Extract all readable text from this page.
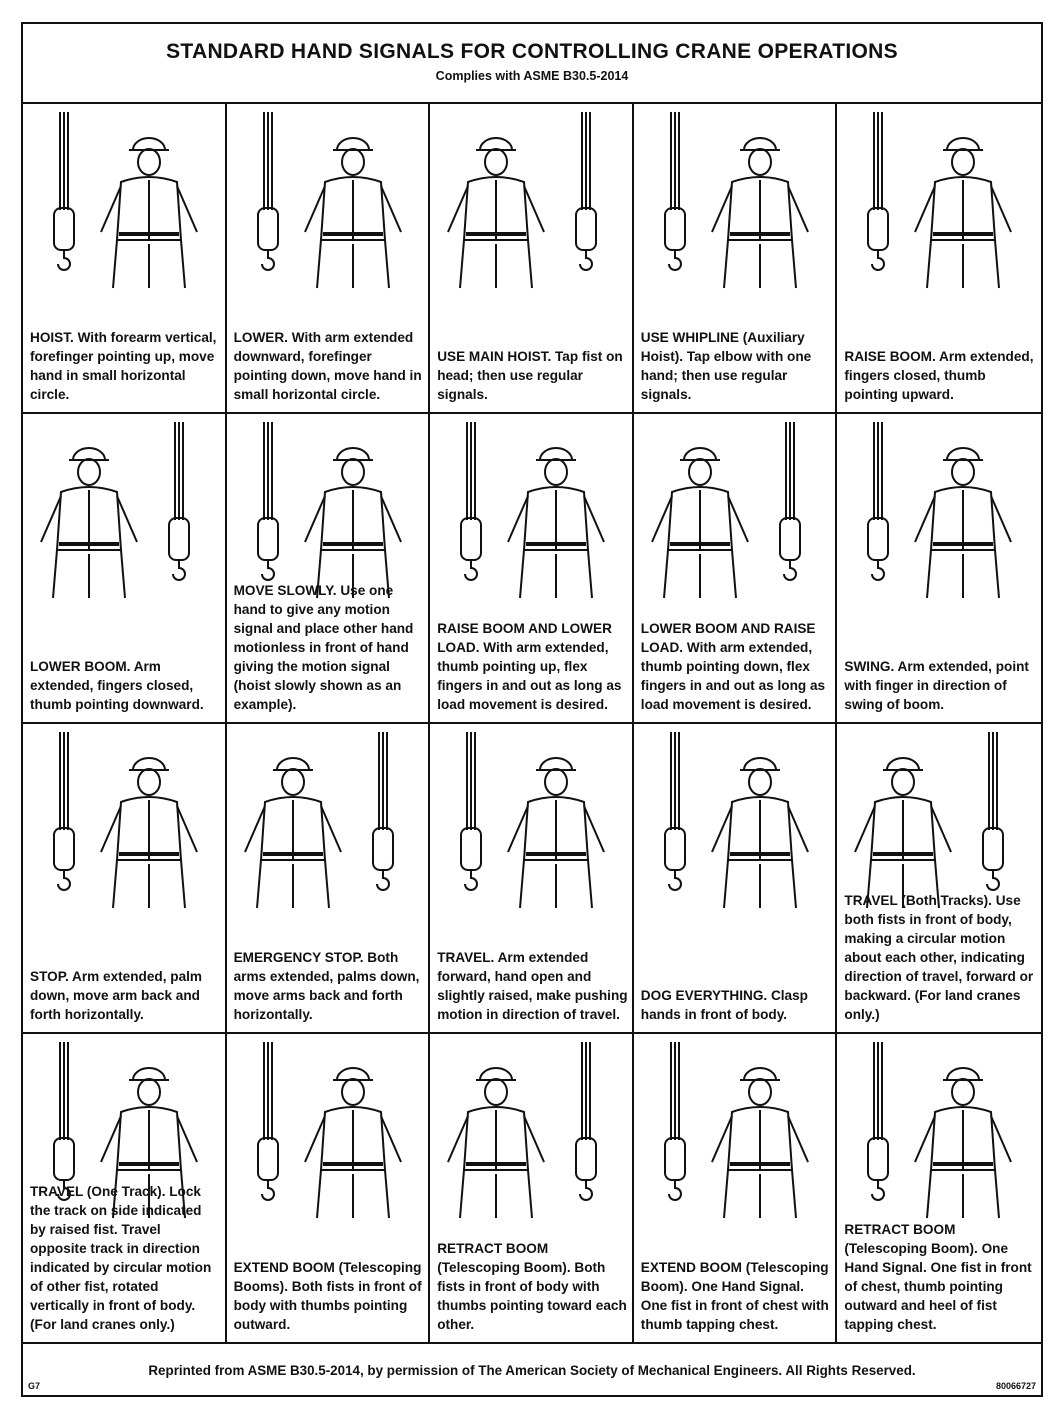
STANDARD HAND SIGNALS FOR CONTROLLING CRANE OPERATIONS
Complies with ASME B30.5-2014
HOIST. With forearm vertical, forefinger pointing up, move hand in small horizontal circle.
LOWER. With arm extended downward, forefinger pointing down, move hand in small horizontal circle.
USE MAIN HOIST. Tap fist on head; then use regular signals.
USE WHIPLINE (Auxiliary Hoist). Tap elbow with one hand; then use regular signals.
RAISE BOOM. Arm extended, fingers closed, thumb pointing upward.
LOWER BOOM. Arm extended, fingers closed, thumb pointing downward.
MOVE SLOWLY. Use one hand to give any motion signal and place other hand motionless in front of hand giving the motion signal (hoist slowly shown as an example).
RAISE BOOM AND LOWER LOAD. With arm extended, thumb pointing up, flex fingers in and out as long as load movement is desired.
LOWER BOOM AND RAISE LOAD. With arm extended, thumb pointing down, flex fingers in and out as long as load movement is desired.
SWING. Arm extended, point with finger in direction of swing of boom.
STOP. Arm extended, palm down, move arm back and forth horizontally.
EMERGENCY STOP. Both arms extended, palms down, move arms back and forth horizontally.
TRAVEL. Arm extended forward, hand open and slightly raised, make pushing motion in direction of travel.
DOG EVERYTHING. Clasp hands in front of body.
TRAVEL (Both Tracks). Use both fists in front of body, making a circular motion about each other, indicating direction of travel, forward or backward. (For land cranes only.)
TRAVEL (One Track). Lock the track on side indicated by raised fist. Travel opposite track in direction indicated by circular motion of other fist, rotated vertically in front of body. (For land cranes only.)
EXTEND BOOM (Telescoping Booms). Both fists in front of body with thumbs pointing outward.
RETRACT BOOM (Telescoping Boom). Both fists in front of body with thumbs pointing toward each other.
EXTEND BOOM (Telescoping Boom). One Hand Signal. One fist in front of chest with thumb tapping chest.
RETRACT BOOM (Telescoping Boom). One Hand Signal. One fist in front of chest, thumb pointing outward and heel of fist tapping chest.
Reprinted from ASME B30.5-2014, by permission of The American Society of Mechanical Engineers. All Rights Reserved.
G7	80066727
